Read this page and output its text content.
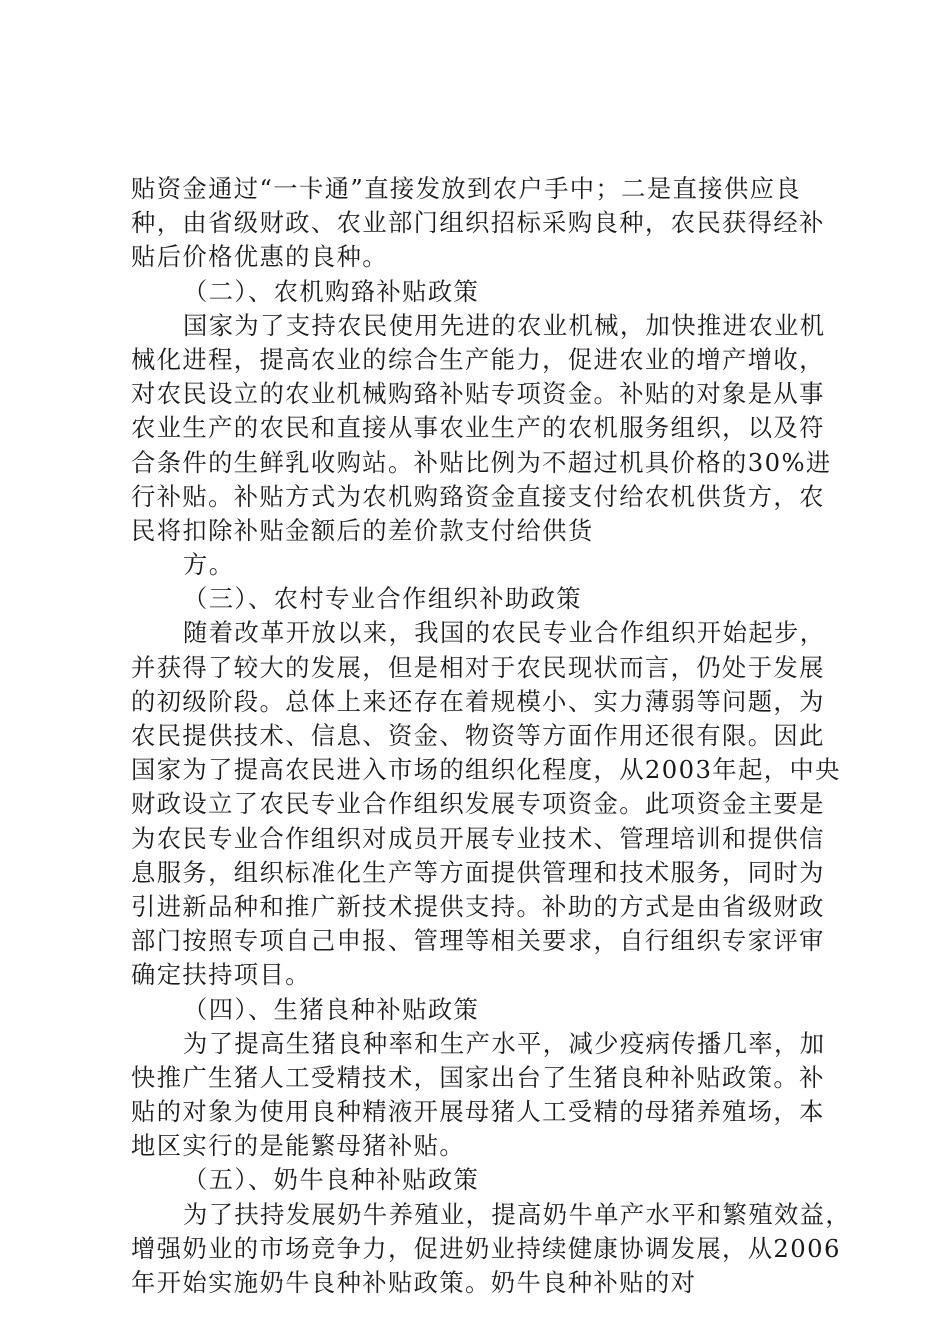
贴资金通过“一卡通”直接发放到农户手中；二是直接供应良
种，由省级财政、农业部门组织招标采购良种，农民获得经补
贴后价格优惠的良种。
（二）、农机购臵补贴政策
国家为了支持农民使用先进的农业机械，加快推进农业机
械化进程，提高农业的综合生产能力，促进农业的增产增收，
对农民设立的农业机械购臵补贴专项资金。补贴的对象是从事
农业生产的农民和直接从事农业生产的农机服务组织，以及符
合条件的生鲜乳收购站。补贴比例为不超过机具价格的30%进
行补贴。补贴方式为农机购臵资金直接支付给农机供货方，农
民将扣除补贴金额后的差价款支付给供货
方。
（三）、农村专业合作组织补助政策
随着改革开放以来，我国的农民专业合作组织开始起步，
并获得了较大的发展，但是相对于农民现状而言，仍处于发展
的初级阶段。总体上来还存在着规模小、实力薄弱等问题，为
农民提供技术、信息、资金、物资等方面作用还很有限。因此
国家为了提高农民进入市场的组织化程度，从2003年起，中央
财政设立了农民专业合作组织发展专项资金。此项资金主要是
为农民专业合作组织对成员开展专业技术、管理培训和提供信
息服务，组织标准化生产等方面提供管理和技术服务，同时为
引进新品种和推广新技术提供支持。补助的方式是由省级财政
部门按照专项自己申报、管理等相关要求，自行组织专家评审
确定扶持项目。
（四）、生猪良种补贴政策
为了提高生猪良种率和生产水平，减少疫病传播几率，加
快推广生猪人工受精技术，国家出台了生猪良种补贴政策。补
贴的对象为使用良种精液开展母猪人工受精的母猪养殖场，本
地区实行的是能繁母猪补贴。
（五）、奶牛良种补贴政策
为了扶持发展奶牛养殖业，提高奶牛单产水平和繁殖效益，
增强奶业的市场竞争力，促进奶业持续健康协调发展，从2006
年开始实施奶牛良种补贴政策。奶牛良种补贴的对
